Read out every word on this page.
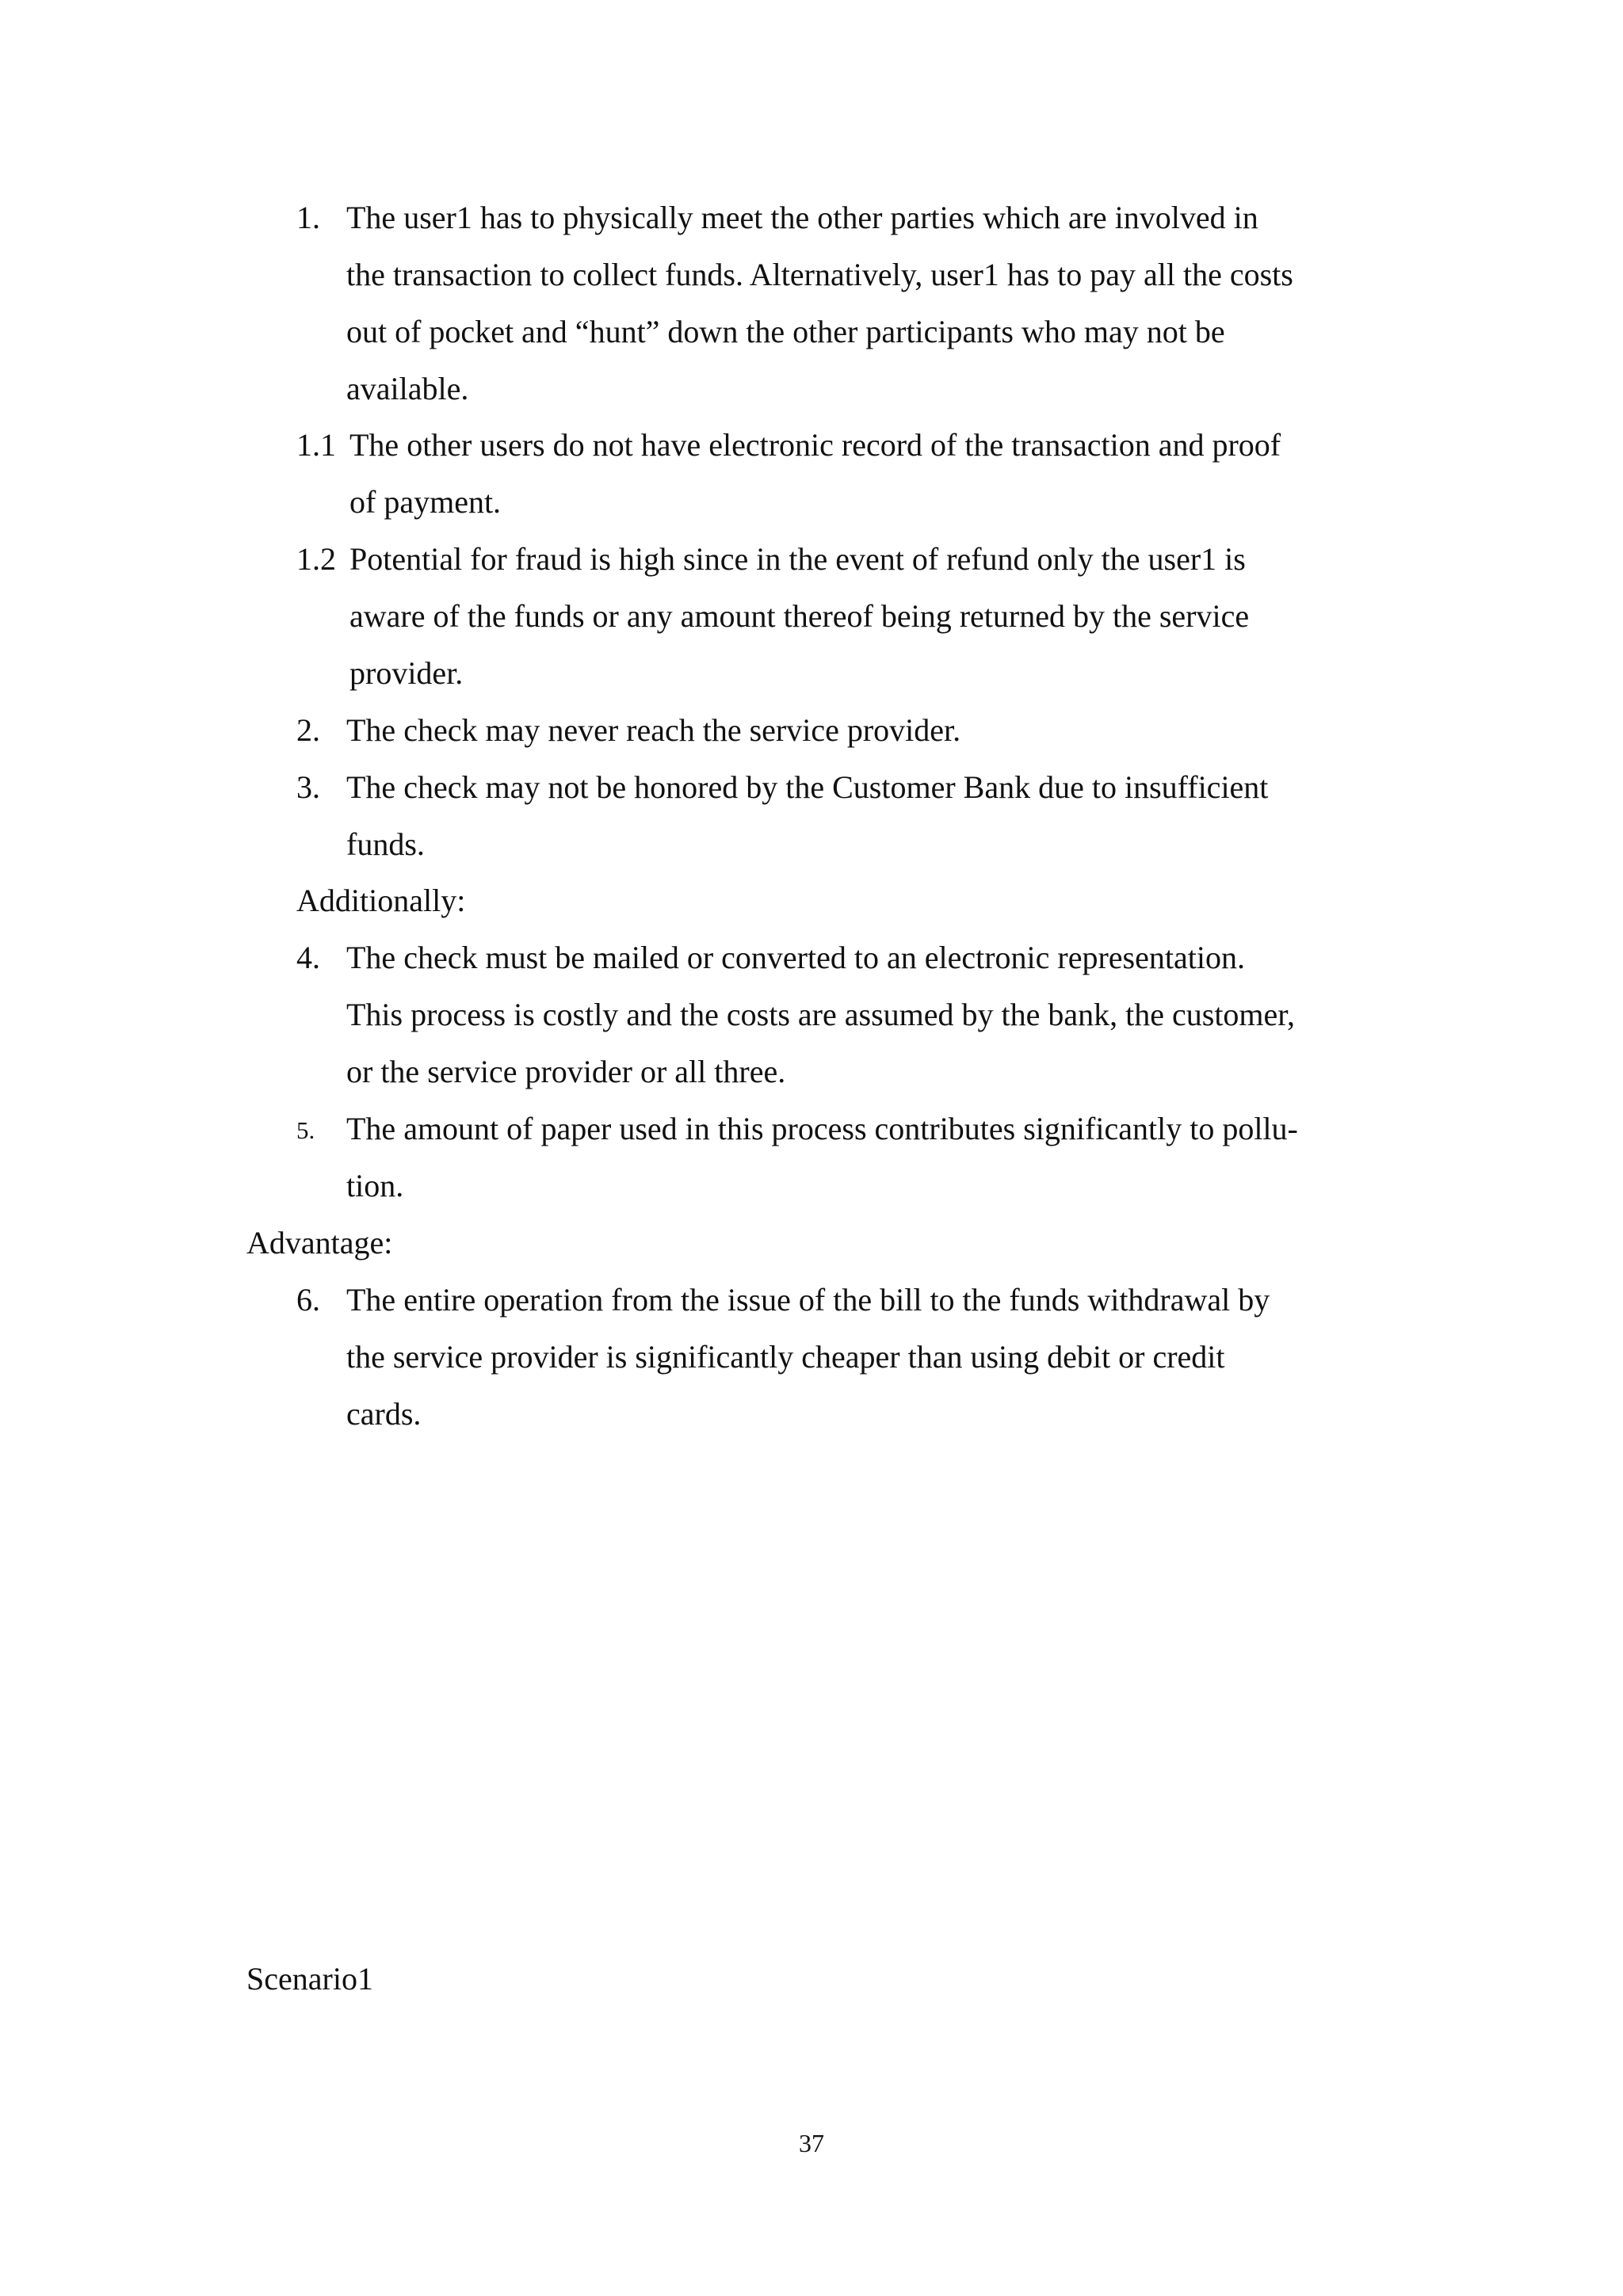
1. The user1 has to physically meet the other parties which are involved in
the transaction to collect funds. Alternatively, user1 has to pay all the costs
out of pocket and “hunt” down the other participants who may not be
available.
1.1 The other users do not have electronic record of the transaction and proof
of payment.
1.2 Potential for fraud is high since in the event of refund only the user1 is
aware of the funds or any amount thereof being returned by the service
provider.
2. The check may never reach the service provider.
3. The check may not be honored by the Customer Bank due to insufficient
funds.
Additionally:
4. The check must be mailed or converted to an electronic representation.
This process is costly and the costs are assumed by the bank, the customer,
or the service provider or all three.
5. The amount of paper used in this process contributes significantly to pollu-
tion.
Advantage:
6. The entire operation from the issue of the bill to the funds withdrawal by
the service provider is significantly cheaper than using debit or credit
cards.
Scenario1
37
